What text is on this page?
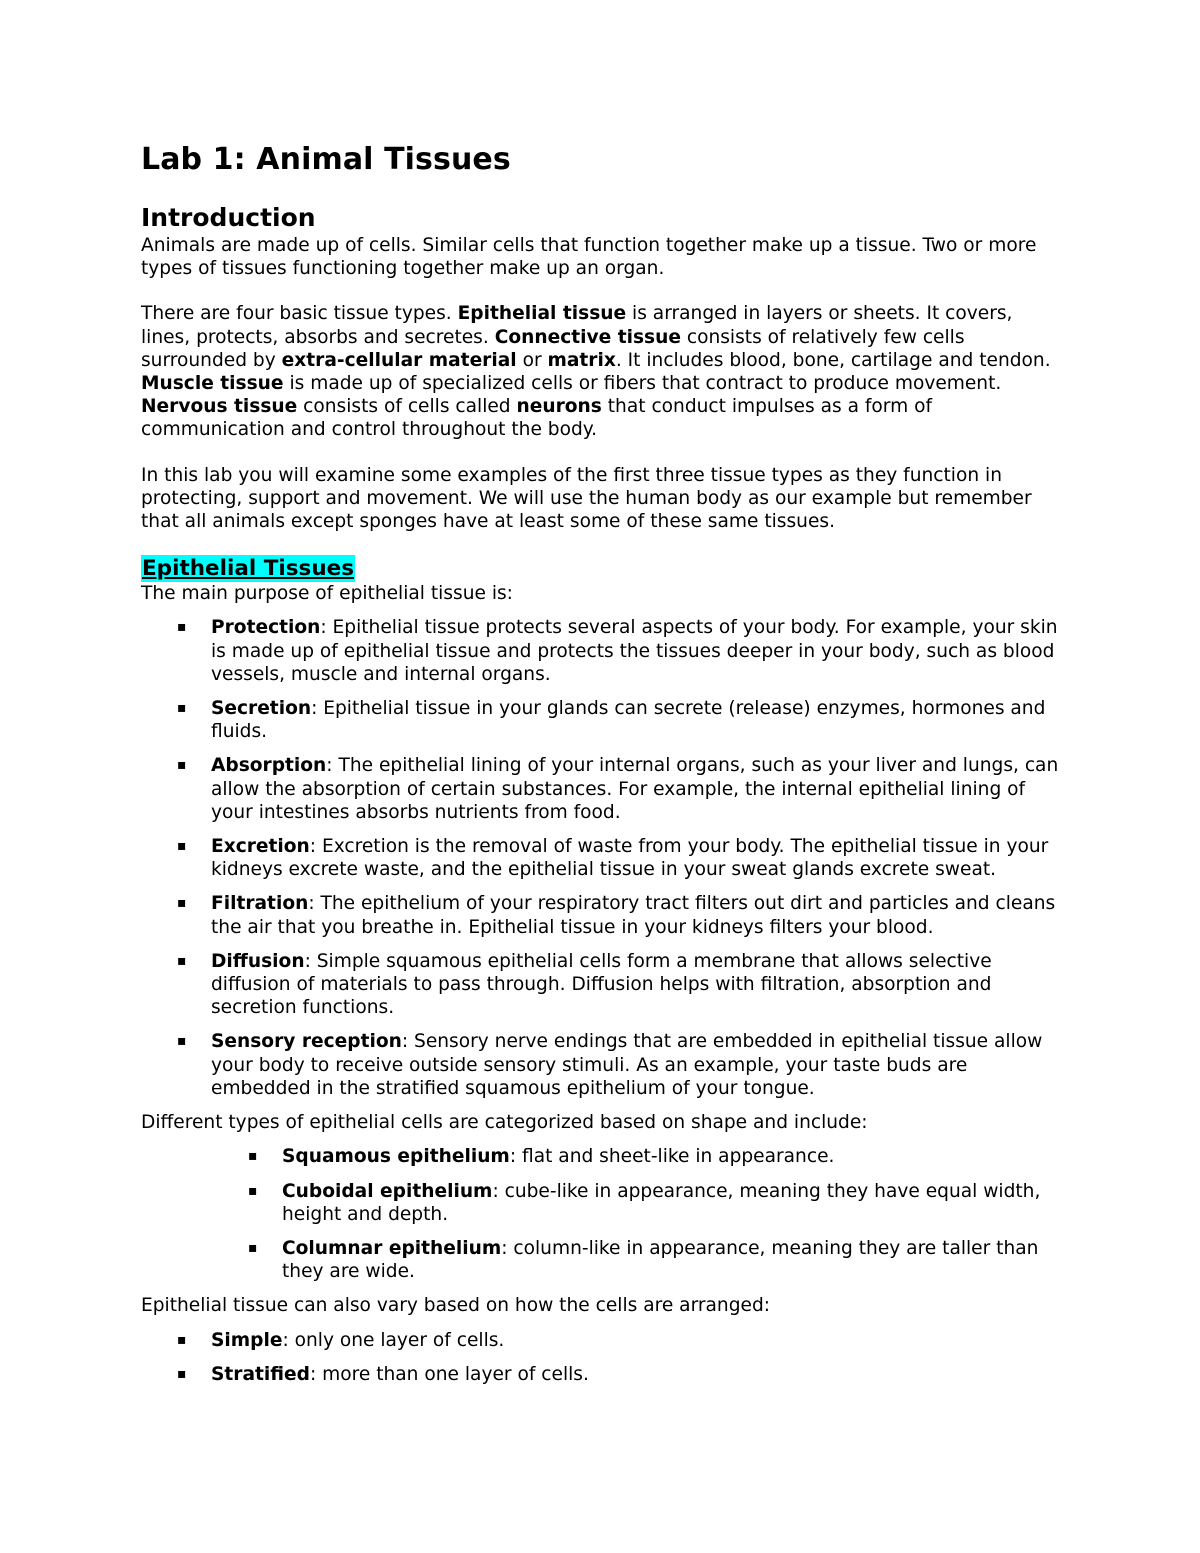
Lab 1: Animal Tissues
Introduction

Animals are made up of cells. Similar cells that function together make up a tissue. Two or more types of tissues functioning together make up an organ.

There are four basic tissue types. Epithelial tissue is arranged in layers or sheets. It covers, lines, protects, absorbs and secretes. Connective tissue consists of relatively few cells surrounded by extra-cellular material or matrix. It includes blood, bone, cartilage and tendon. Muscle tissue is made up of specialized cells or fibers that contract to produce movement. Nervous tissue consists of cells called neurons that conduct impulses as a form of communication and control throughout the body.

In this lab you will examine some examples of the first three tissue types as they function in protecting, support and movement. We will use the human body as our example but remember that all animals except sponges have at least some of these same tissues.

Epithelial Tissues

The main purpose of epithelial tissue is:

▪ Protection: Epithelial tissue protects several aspects of your body. For example, your skin is made up of epithelial tissue and protects the tissues deeper in your body, such as blood vessels, muscle and internal organs.
▪ Secretion: Epithelial tissue in your glands can secrete (release) enzymes, hormones and fluids.
▪ Absorption: The epithelial lining of your internal organs, such as your liver and lungs, can allow the absorption of certain substances. For example, the internal epithelial lining of your intestines absorbs nutrients from food.
▪ Excretion: Excretion is the removal of waste from your body. The epithelial tissue in your kidneys excrete waste, and the epithelial tissue in your sweat glands excrete sweat.
▪ Filtration: The epithelium of your respiratory tract filters out dirt and particles and cleans the air that you breathe in. Epithelial tissue in your kidneys filters your blood.
▪ Diffusion: Simple squamous epithelial cells form a membrane that allows selective diffusion of materials to pass through. Diffusion helps with filtration, absorption and secretion functions.
▪ Sensory reception: Sensory nerve endings that are embedded in epithelial tissue allow your body to receive outside sensory stimuli. As an example, your taste buds are embedded in the stratified squamous epithelium of your tongue.

Different types of epithelial cells are categorized based on shape and include:

▪ Squamous epithelium: flat and sheet-like in appearance.
▪ Cuboidal epithelium: cube-like in appearance, meaning they have equal width, height and depth.
▪ Columnar epithelium: column-like in appearance, meaning they are taller than they are wide.

Epithelial tissue can also vary based on how the cells are arranged:

▪ Simple: only one layer of cells.
▪ Stratified: more than one layer of cells.
